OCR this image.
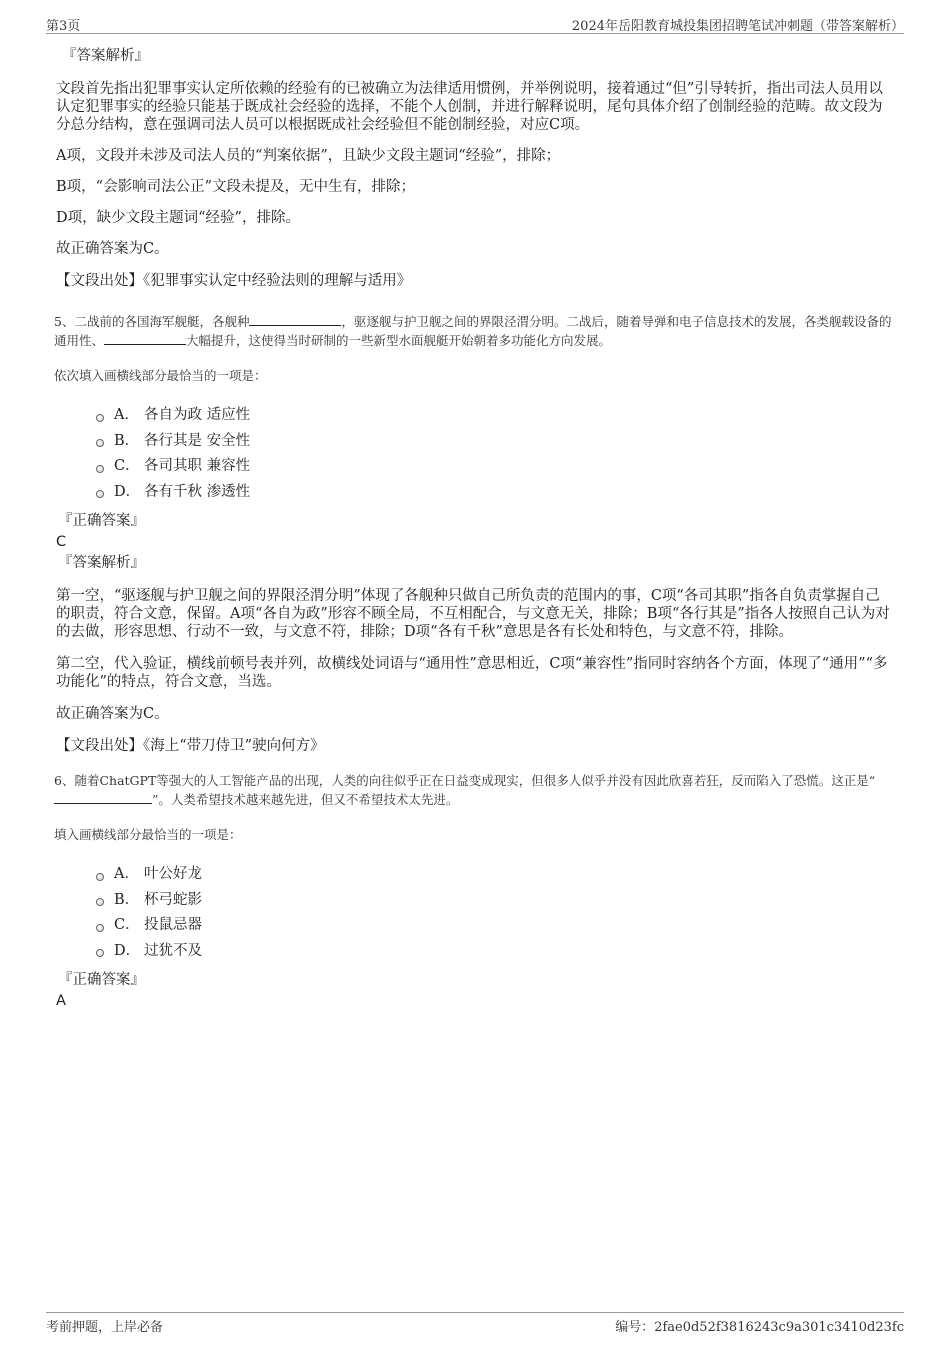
第3页	2024年岳阳教育城投集团招聘笔试冲刺题（带答案解析）
『答案解析』

文段首先指出犯罪事实认定所依赖的经验有的已被确立为法律适用惯例，并举例说明，接着通过“但”引导转折，指出司法人员用以认定犯罪事实的经验只能基于既成社会经验的选择，不能个人创制，并进行解释说明，尾句具体介绍了创制经验的范畴。故文段为分总分结构，意在强调司法人员可以根据既成社会经验但不能创制经验，对应C项。

A项，文段并未涉及司法人员的“判案依据”，且缺少文段主题词“经验”，排除；

B项，“会影响司法公正”文段未提及，无中生有，排除；

D项，缺少文段主题词“经验”，排除。

故正确答案为C。

【文段出处】《犯罪事实认定中经验法则的理解与适用》

5、二战前的各国海军舰艇，各舰种	，驱逐舰与护卫舰之间的界限泾渭分明。二战后，随着导弹和电子信息技术的发展，各类舰载设备的通用性、	大幅提升，这使得当时研制的一些新型水面舰艇开始朝着多功能化方向发展。

依次填入画横线部分最恰当的一项是：

A． 各自为政 适应性
B． 各行其是 安全性
C． 各司其职 兼容性
D． 各有千秋 渗透性
『正确答案』
C
『答案解析』

第一空，“驱逐舰与护卫舰之间的界限泾渭分明”体现了各舰种只做自己所负责的范围内的事，C项“各司其职”指各自负责掌握自己的职责，符合文意，保留。A项“各自为政”形容不顾全局，不互相配合，与文意无关，排除；B项“各行其是”指各人按照自己认为对的去做，形容思想、行动不一致，与文意不符，排除；D项“各有千秋”意思是各有长处和特色，与文意不符，排除。

第二空，代入验证，横线前顿号表并列，故横线处词语与“通用性”意思相近，C项“兼容性”指同时容纳各个方面，体现了“通用”“多功能化”的特点，符合文意，当选。

故正确答案为C。

【文段出处】《海上“带刀侍卫”驶向何方》

6、随着ChatGPT等强大的人工智能产品的出现，人类的向往似乎正在日益变成现实，但很多人似乎并没有因此欣喜若狂，反而陷入了恐慌。这正是“”。人类希望技术越来越先进，但又不希望技术太先进。

填入画横线部分最恰当的一项是：

A． 叶公好龙
B． 杯弓蛇影
C． 投鼠忌器
D． 过犹不及
『正确答案』
A
考前押题，上岸必备	编号：2fae0d52f3816243c9a301c3410d23fc
